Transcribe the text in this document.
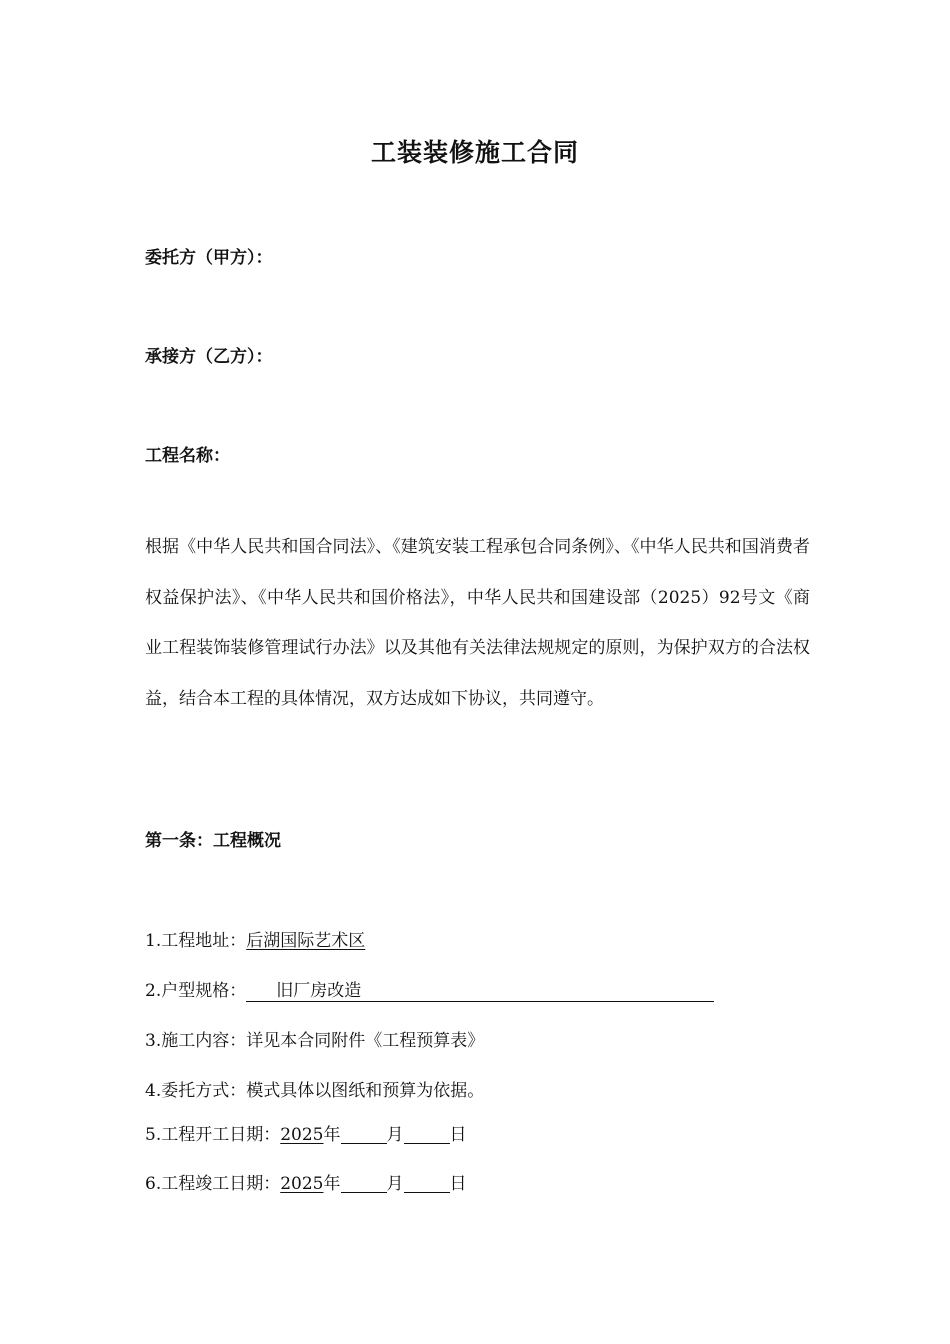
工装装修施工合同
委托方（甲方）：
承接方（乙方）：
工程名称：

根据《中华人民共和国合同法》、《建筑安装工程承包合同条例》、《中华人民共和国消费者权益保护法》、《中华人民共和国价格法》，中华人民共和国建设部（2025）92号文《商业工程装饰装修管理试行办法》以及其他有关法律法规规定的原则，为保护双方的合法权益，结合本工程的具体情况，双方达成如下协议，共同遵守。

第一条：工程概况
1.工程地址：后湖国际艺术区
2.户型规格： 旧厂房改造
3.施工内容：详见本合同附件《工程预算表》
4.委托方式：模式具体以图纸和预算为依据。
5.工程开工日期：2025年	月	日
6.工程竣工日期：2025年	月	日
